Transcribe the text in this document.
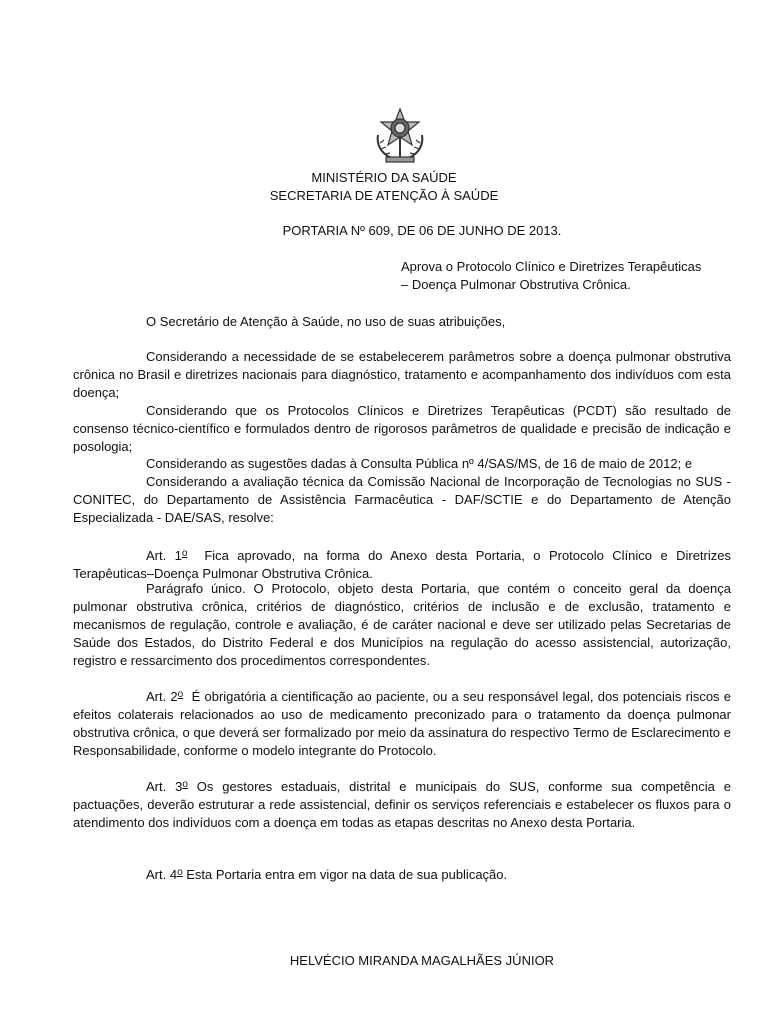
MINISTÉRIO DA SAÚDE
SECRETARIA DE ATENÇÃO À SAÚDE
PORTARIA Nº 609, DE 06 DE JUNHO DE 2013.
Aprova o Protocolo Clínico e Diretrizes Terapêuticas
– Doença Pulmonar Obstrutiva Crônica.

O Secretário de Atenção à Saúde, no uso de suas atribuições,

Considerando a necessidade de se estabelecerem parâmetros sobre a doença pulmonar obstrutiva crônica no Brasil e diretrizes nacionais para diagnóstico, tratamento e acompanhamento dos indivíduos com esta doença;

Considerando que os Protocolos Clínicos e Diretrizes Terapêuticas (PCDT) são resultado de consenso técnico-científico e formulados dentro de rigorosos parâmetros de qualidade e precisão de indicação e posologia;

Considerando as sugestões dadas à Consulta Pública nº 4/SAS/MS, de 16 de maio de 2012; e

Considerando a avaliação técnica da Comissão Nacional de Incorporação de Tecnologias no SUS - CONITEC, do Departamento de Assistência Farmacêutica - DAF/SCTIE e do Departamento de Atenção Especializada - DAE/SAS, resolve:

Art. 1$^o$ Fica aprovado, na forma do Anexo desta Portaria, o Protocolo Clínico e Diretrizes Terapêuticas–Doença Pulmonar Obstrutiva Crônica.

Parágrafo único. O Protocolo, objeto desta Portaria, que contém o conceito geral da doença pulmonar obstrutiva crônica, critérios de diagnóstico, critérios de inclusão e de exclusão, tratamento e mecanismos de regulação, controle e avaliação, é de caráter nacional e deve ser utilizado pelas Secretarias de Saúde dos Estados, do Distrito Federal e dos Municípios na regulação do acesso assistencial, autorização, registro e ressarcimento dos procedimentos correspondentes.

Art. 2$^o$ É obrigatória a cientificação ao paciente, ou a seu responsável legal, dos potenciais riscos e efeitos colaterais relacionados ao uso de medicamento preconizado para o tratamento da doença pulmonar obstrutiva crônica, o que deverá ser formalizado por meio da assinatura do respectivo Termo de Esclarecimento e Responsabilidade, conforme o modelo integrante do Protocolo.

Art. 3$^o$ Os gestores estaduais, distrital e municipais do SUS, conforme sua competência e pactuações, deverão estruturar a rede assistencial, definir os serviços referenciais e estabelecer os fluxos para o atendimento dos indivíduos com a doença em todas as etapas descritas no Anexo desta Portaria.

Art. 4$^o$ Esta Portaria entra em vigor na data de sua publicação.

HELVÉCIO MIRANDA MAGALHÃES JÚNIOR
